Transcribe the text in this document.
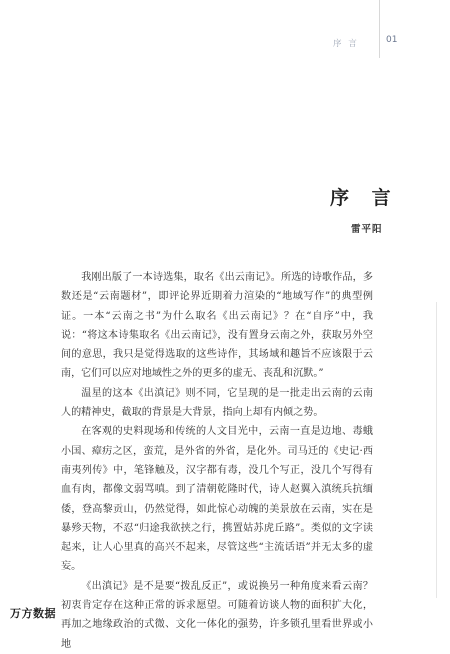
序 言	01
序 言
雷平阳

我刚出版了一本诗选集，取名《出云南记》。所选的诗歌作品，多数还是“云南题材”，即评论界近期着力渲染的“地域写作”的典型例证。一本“云南之书”为什么取名《出云南记》？在“自序”中，我说：“将这本诗集取名《出云南记》，没有置身云南之外，获取另外空间的意思，我只是觉得选取的这些诗作，其场域和趣旨不应该限于云南，它们可以应对地域性之外的更多的虚无、丧乱和沉默。”

温星的这本《出滇记》则不同，它呈现的是一批走出云南的云南人的精神史，截取的背景是大背景，指向上却有内倾之势。

在客观的史料现场和传统的人文目光中，云南一直是边地、毒蛾小国、瘴疠之区，蛮荒，是外省的外省，是化外。司马迁的《史记·西南夷列传》中，笔锋触及，汉字都有毒，没几个写正，没几个写得有血有肉，都像文弱骂嗔。到了清朝乾隆时代，诗人赵翼入滇统兵抗缅倭，登高黎贡山，仍然觉得，如此惊心动魄的美景放在云南，实在是暴殄天物，不忍“归途我欲挟之行，携置姑苏虎丘路”。类似的文字读起来，让人心里真的高兴不起来，尽管这些“主流话语”并无太多的虚妄。

《出滇记》是不是要“拨乱反正”，或说换另一种角度来看云南？初衷肯定存在这种正常的诉求愿望。可随着访谈人物的面积扩大化，再加之地缘政治的式微、文化一体化的强势，许多锁孔里看世界或小地

万方数据
